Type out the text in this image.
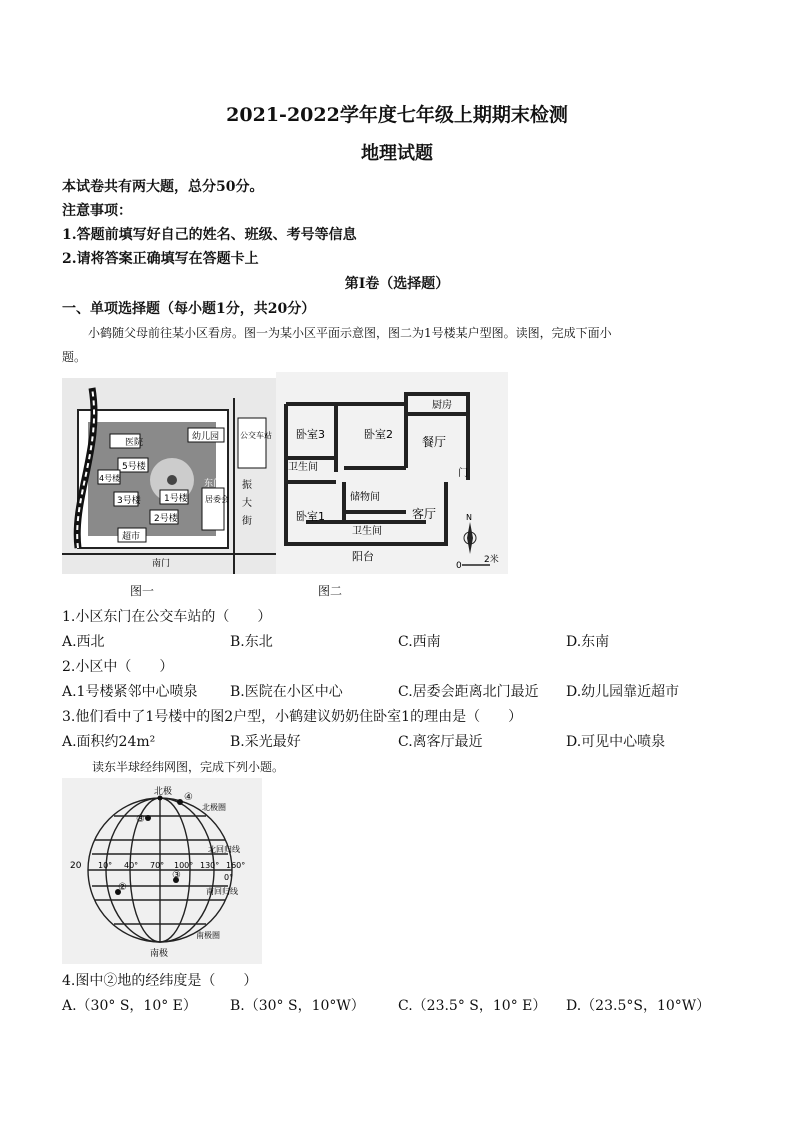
2021-2022学年度七年级上期期末检测
地理试题
本试卷共有两大题，总分50分。
注意事项：
1.答题前填写好自己的姓名、班级、考号等信息
2.请将答案正确填写在答题卡上
第Ⅰ卷（选择题）
一、单项选择题（每小题1分，共20分）
小鹤随父母前往某小区看房。图一为某小区平面示意图，图二为1号楼某户型图。读图，完成下面小
题。
医院
幼儿园	公交车站
5号楼
4号楼
3号楼	1号楼
2号楼
东门
南门
超市
居委会
振
大
街
图一
卧室3	卧室2
厨房
餐厅
卫生间
储物间
卧室1
卫生间
客厅
阳台
门
N
0
2米
图二
1.小区东门在公交车站的（　　）
A.西北	B.东北	C.西南	D.东南
2.小区中（　　）
A.1号楼紧邻中心喷泉 B.医院在小区中心	C.居委会距离北门最近 D.幼儿园靠近超市
3.他们看中了1号楼中的图2户型，小鹤建议奶奶住卧室1的理由是（　　）
A.面积约24m²	B.采光最好	C.离客厅最近	D.可见中心喷泉
读东半球经纬网图，完成下列小题。
北极
北极圈
北回归线
南回归线
南极圈
南极
20 10° 40° 70° 100° 130° 160°
0°
③
②
③
④
4.图中②地的经纬度是（　　）
A.（30° S，10° E） B.（30° S，10°W） C.（23.5° S，10° E） D.（23.5°S，10°W）
